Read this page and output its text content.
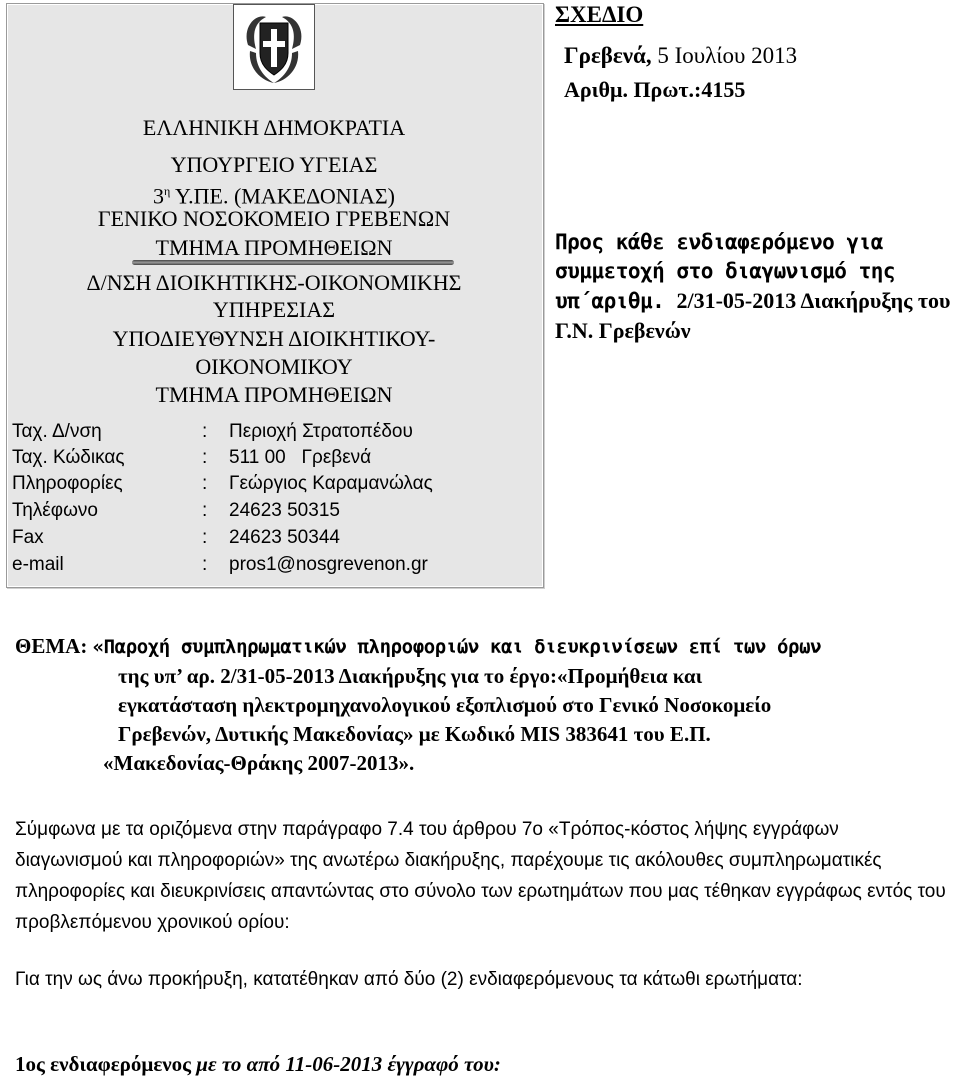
ΕΛΛΗΝΙΚΗ ΔΗΜΟΚΡΑΤΙΑ
ΥΠΟΥΡΓΕΙΟ ΥΓΕΙΑΣ
$3^\eta$ Υ.ΠΕ. (ΜΑΚΕΔΟΝΙΑΣ)
ΓΕΝΙΚΟ ΝΟΣΟΚΟΜΕΙΟ ΓΡΕΒΕΝΩΝ
ΤΜΗΜΑ ΠΡΟΜΗΘΕΙΩΝ
Δ/ΝΣΗ ΔΙΟΙΚΗΤΙΚΗΣ-ΟΙΚΟΝΟΜΙΚΗΣ
ΥΠΗΡΕΣΙΑΣ
ΥΠΟΔΙΕΥΘΥΝΣΗ ΔΙΟΙΚΗΤΙΚΟΥ-
ΟΙΚΟΝΟΜΙΚΟΥ
ΤΜΗΜΑ ΠΡΟΜΗΘΕΙΩΝ
Ταχ. Δ/νση	: Περιοχή Στρατοπέδου
Ταχ. Κώδικας	: 511 00   Γρεβενά
Πληροφορίες	: Γεώργιος Καραμανώλας
Τηλέφωνο	: 24623 50315
Fax	: 24623 50344
e-mail	: pros1@nosgrevenon.gr
ΣΧΕΔΙΟ
Γρεβενά, 5 Ιουλίου 2013
Αριθμ. Πρωτ.:4155
Προς κάθε ενδιαφερόμενο για συμμετοχή στο διαγωνισμό της υπ΄αριθμ. 2/31-05-2013 Διακήρυξης του Γ.Ν. Γρεβενών
ΘΕΜΑ: «Παροχή συμπληρωματικών πληροφοριών και διευκρινίσεων επί των όρων
της υπ’ αρ. 2/31-05-2013 Διακήρυξης για το έργο:«Προμήθεια και
εγκατάσταση ηλεκτρομηχανολογικού εξοπλισμού στο Γενικό Νοσοκομείο
Γρεβενών, Δυτικής Μακεδονίας» με Κωδικό MIS 383641 του Ε.Π.
«Μακεδονίας-Θράκης 2007-2013».
Σύμφωνα με τα οριζόμενα στην παράγραφο 7.4 του άρθρου 7ο «Τρόπος-κόστος λήψης εγγράφων διαγωνισμού και πληροφοριών» της ανωτέρω διακήρυξης, παρέχουμε τις ακόλουθες συμπληρωματικές πληροφορίες και διευκρινίσεις απαντώντας στο σύνολο των ερωτημάτων που μας τέθηκαν εγγράφως εντός του προβλεπόμενου χρονικού ορίου:
Για την ως άνω προκήρυξη, κατατέθηκαν από δύο (2) ενδιαφερόμενους τα κάτωθι ερωτήματα:
1ος ενδιαφερόμενος με το από 11-06-2013 έγγραφό του:
